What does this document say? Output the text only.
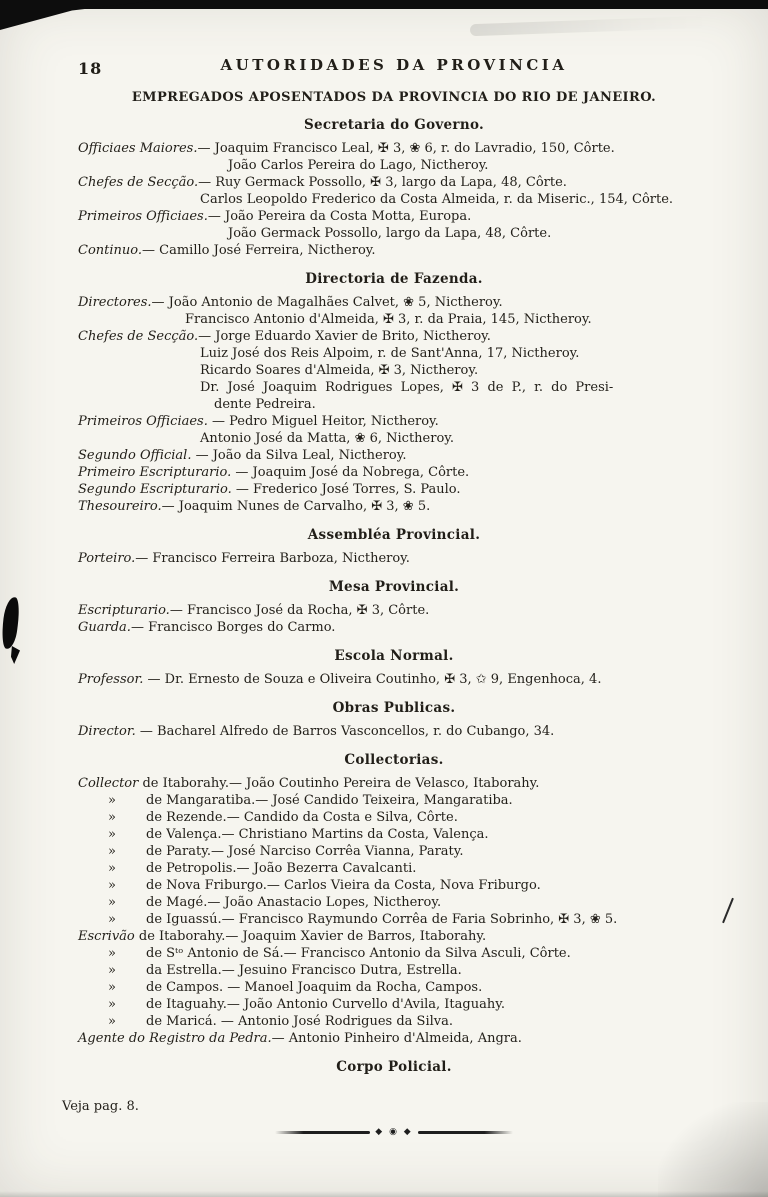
18	AUTORIDADES DA PROVINCIA
EMPREGADOS APOSENTADOS DA PROVINCIA DO RIO DE JANEIRO.
Secretaria do Governo.
Officiaes Maiores.— Joaquim Francisco Leal, ✠ 3, ❀ 6, r. do Lavradio, 150, Côrte.
João Carlos Pereira do Lago, Nictheroy.
Chefes de Secção.— Ruy Germack Possollo, ✠ 3, largo da Lapa, 48, Côrte.
Carlos Leopoldo Frederico da Costa Almeida, r. da Miseric., 154, Côrte.
Primeiros Officiaes.— João Pereira da Costa Motta, Europa.
João Germack Possollo, largo da Lapa, 48, Côrte.
Continuo.— Camillo José Ferreira, Nictheroy.
Directoria de Fazenda.
Directores.— João Antonio de Magalhães Calvet, ❀ 5, Nictheroy.
Francisco Antonio d'Almeida, ✠ 3, r. da Praia, 145, Nictheroy.
Chefes de Secção.— Jorge Eduardo Xavier de Brito, Nictheroy.
Luiz José dos Reis Alpoim, r. de Sant'Anna, 17, Nictheroy.
Ricardo Soares d'Almeida, ✠ 3, Nictheroy.
Dr. José Joaquim Rodrigues Lopes, ✠ 3 de P., r. do Presi-
dente Pedreira.
Primeiros Officiaes. — Pedro Miguel Heitor, Nictheroy.
Antonio José da Matta, ❀ 6, Nictheroy.
Segundo Official. — João da Silva Leal, Nictheroy.
Primeiro Escripturario. — Joaquim José da Nobrega, Côrte.
Segundo Escripturario. — Frederico José Torres, S. Paulo.
Thesoureiro.— Joaquim Nunes de Carvalho, ✠ 3, ❀ 5.
Assembléa Provincial.
Porteiro.— Francisco Ferreira Barboza, Nictheroy.
Mesa Provincial.
Escripturario.— Francisco José da Rocha, ✠ 3, Côrte.
Guarda.— Francisco Borges do Carmo.
Escola Normal.
Professor. — Dr. Ernesto de Souza e Oliveira Coutinho, ✠ 3, ✩ 9, Engenhoca, 4.
Obras Publicas.
Director. — Bacharel Alfredo de Barros Vasconcellos, r. do Cubango, 34.
Collectorias.
Collector de Itaborahy.— João Coutinho Pereira de Velasco, Itaborahy.
» de Mangaratiba.— José Candido Teixeira, Mangaratiba.
» de Rezende.— Candido da Costa e Silva, Côrte.
» de Valença.— Christiano Martins da Costa, Valença.
» de Paraty.— José Narciso Corrêa Vianna, Paraty.
» de Petropolis.— João Bezerra Cavalcanti.
» de Nova Friburgo.— Carlos Vieira da Costa, Nova Friburgo.
» de Magé.— João Anastacio Lopes, Nictheroy.
» de Iguassú.— Francisco Raymundo Corrêa de Faria Sobrinho, ✠ 3, ❀ 5.
Escrivão de Itaborahy.— Joaquim Xavier de Barros, Itaborahy.
» de Sᵗᵒ Antonio de Sá.— Francisco Antonio da Silva Asculi, Côrte.
» da Estrella.— Jesuino Francisco Dutra, Estrella.
» de Campos. — Manoel Joaquim da Rocha, Campos.
» de Itaguahy.— João Antonio Curvello d'Avila, Itaguahy.
» de Maricá. — Antonio José Rodrigues da Silva.
Agente do Registro da Pedra.— Antonio Pinheiro d'Almeida, Angra.
Corpo Policial.
Veja pag. 8.
◆ ◉ ◆
